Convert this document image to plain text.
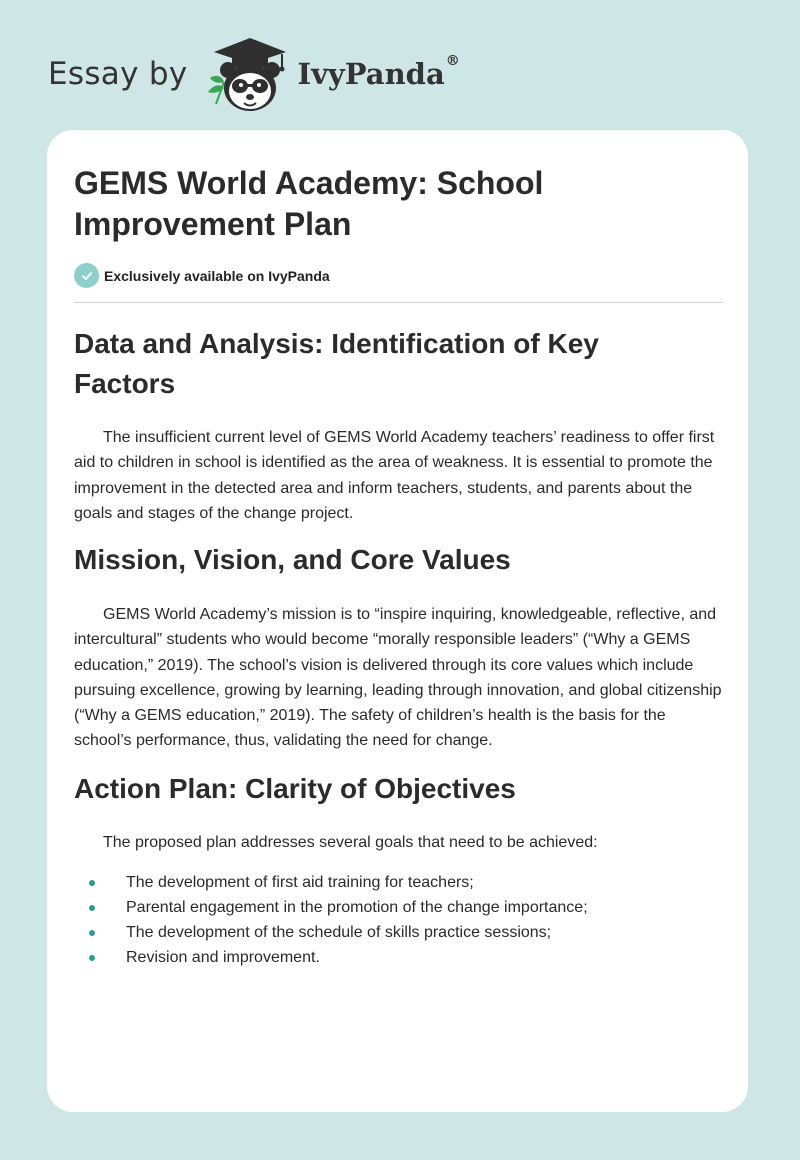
Essay by	IvyPanda®
GEMS World Academy: School Improvement Plan
Exclusively available on IvyPanda
Data and Analysis: Identification of Key Factors

The insufficient current level of GEMS World Academy teachers’ readiness to offer first aid to children in school is identified as the area of weakness. It is essential to promote the improvement in the detected area and inform teachers, students, and parents about the goals and stages of the change project.

Mission, Vision, and Core Values

GEMS World Academy’s mission is to “inspire inquiring, knowledgeable, reflective, and intercultural” students who would become “morally responsible leaders” (“Why a GEMS education,” 2019). The school’s vision is delivered through its core values which include pursuing excellence, growing by learning, leading through innovation, and global citizenship (“Why a GEMS education,” 2019). The safety of children’s health is the basis for the school’s performance, thus, validating the need for change.

Action Plan: Clarity of Objectives

The proposed plan addresses several goals that need to be achieved:

The development of first aid training for teachers;
Parental engagement in the promotion of the change importance;
The development of the schedule of skills practice sessions;
Revision and improvement.
